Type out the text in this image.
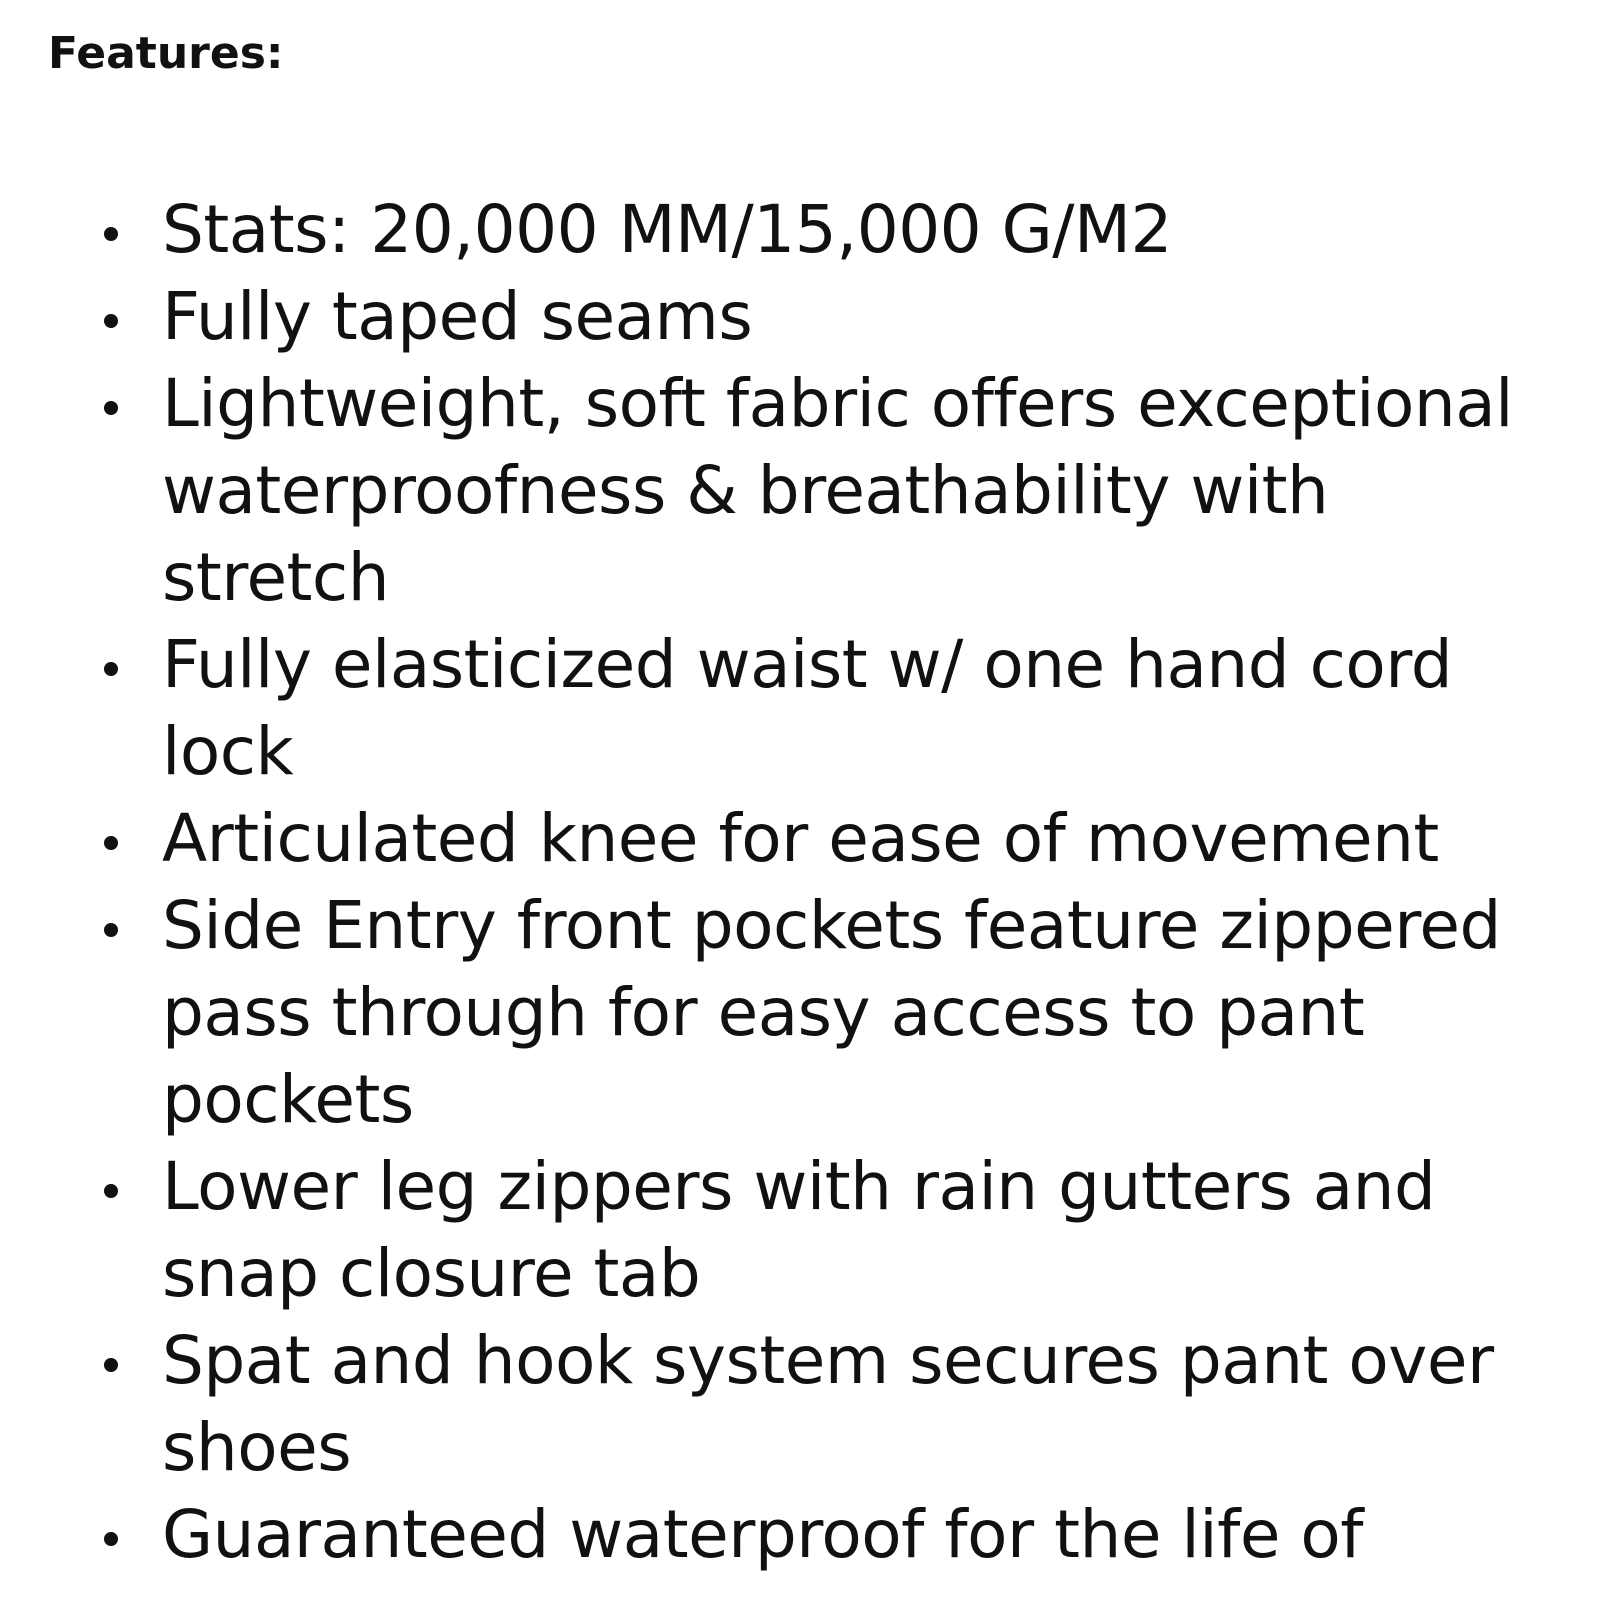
Features:
Stats: 20,000 MM/15,000 G/M2
Fully taped seams
Lightweight, soft fabric offers exceptional waterproofness & breathability with stretch
Fully elasticized waist w/ one hand cord lock
Articulated knee for ease of movement
Side Entry front pockets feature zippered pass through for easy access to pant pockets
Lower leg zippers with rain gutters and snap closure tab
Spat and hook system secures pant over shoes
Guaranteed waterproof for the life of
